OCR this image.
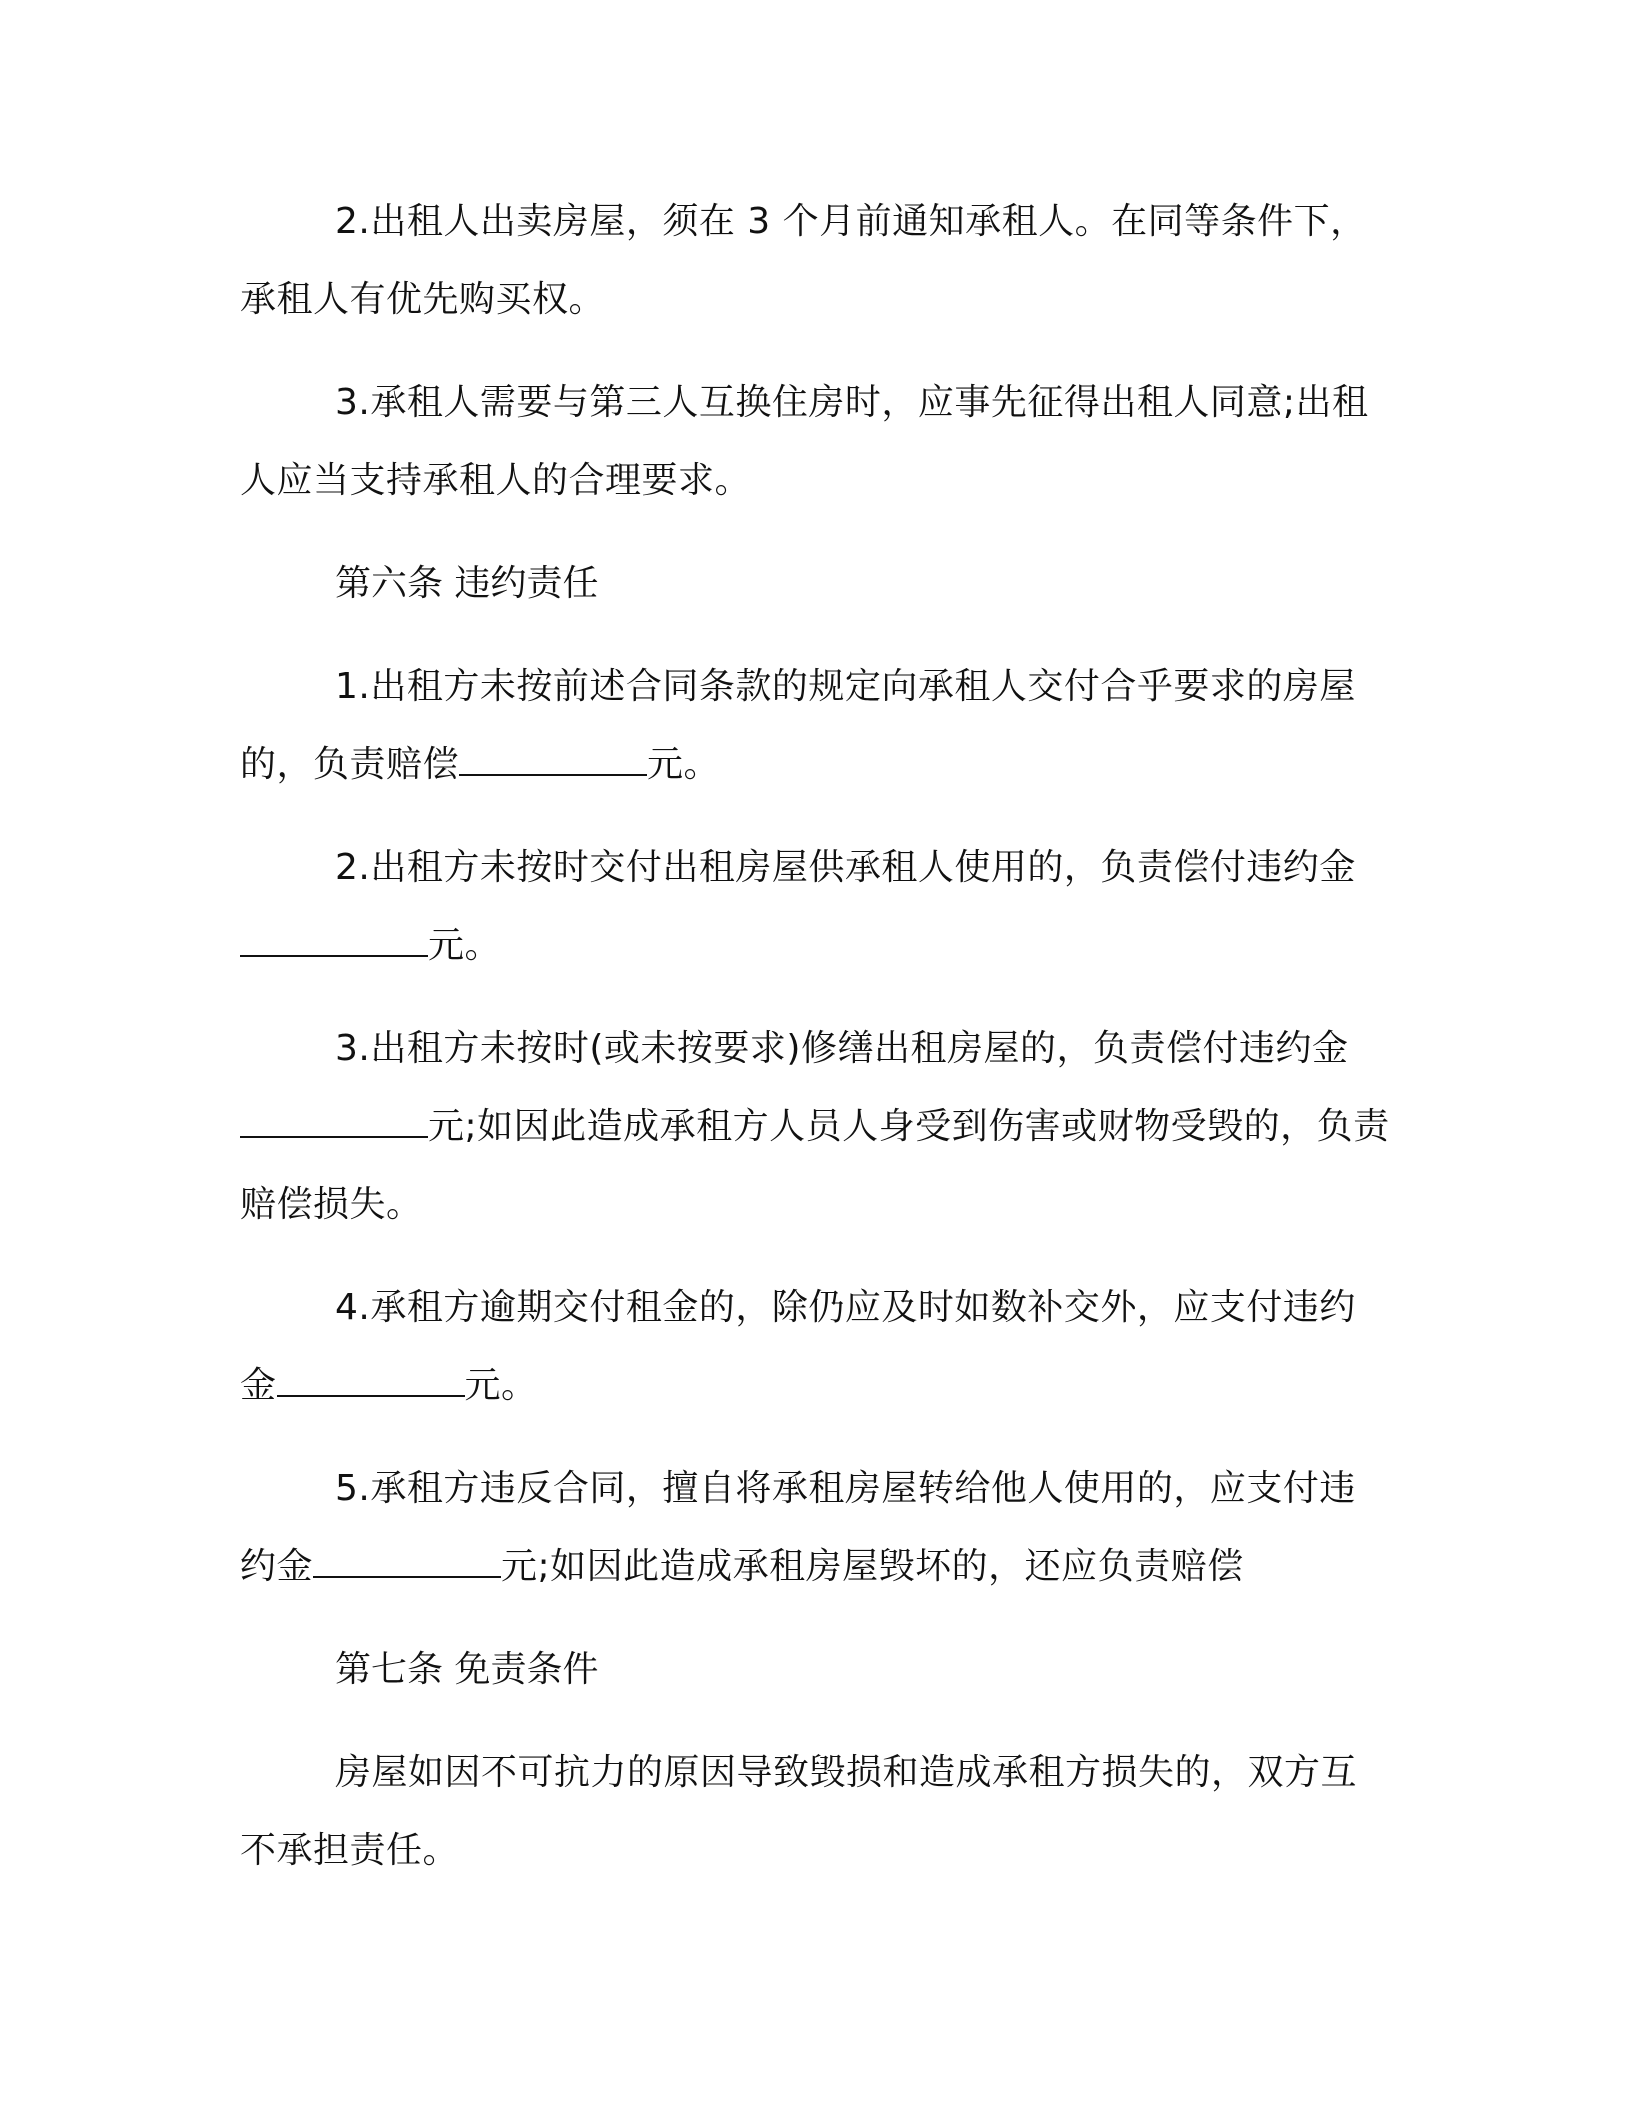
2.出租人出卖房屋，须在 3 个月前通知承租人。在同等条件下，承租人有优先购买权。

3.承租人需要与第三人互换住房时，应事先征得出租人同意;出租人应当支持承租人的合理要求。

第六条 违约责任

1.出租方未按前述合同条款的规定向承租人交付合乎要求的房屋的，负责赔偿	元。

2.出租方未按时交付出租房屋供承租人使用的，负责偿付违约金元。

3.出租方未按时(或未按要求)修缮出租房屋的，负责偿付违约金元;如因此造成承租方人员人身受到伤害或财物受毁的，负责赔偿损失。

4.承租方逾期交付租金的，除仍应及时如数补交外，应支付违约金	元。

5.承租方违反合同，擅自将承租房屋转给他人使用的，应支付违约金	元;如因此造成承租房屋毁坏的，还应负责赔偿

第七条 免责条件

房屋如因不可抗力的原因导致毁损和造成承租方损失的，双方互不承担责任。
